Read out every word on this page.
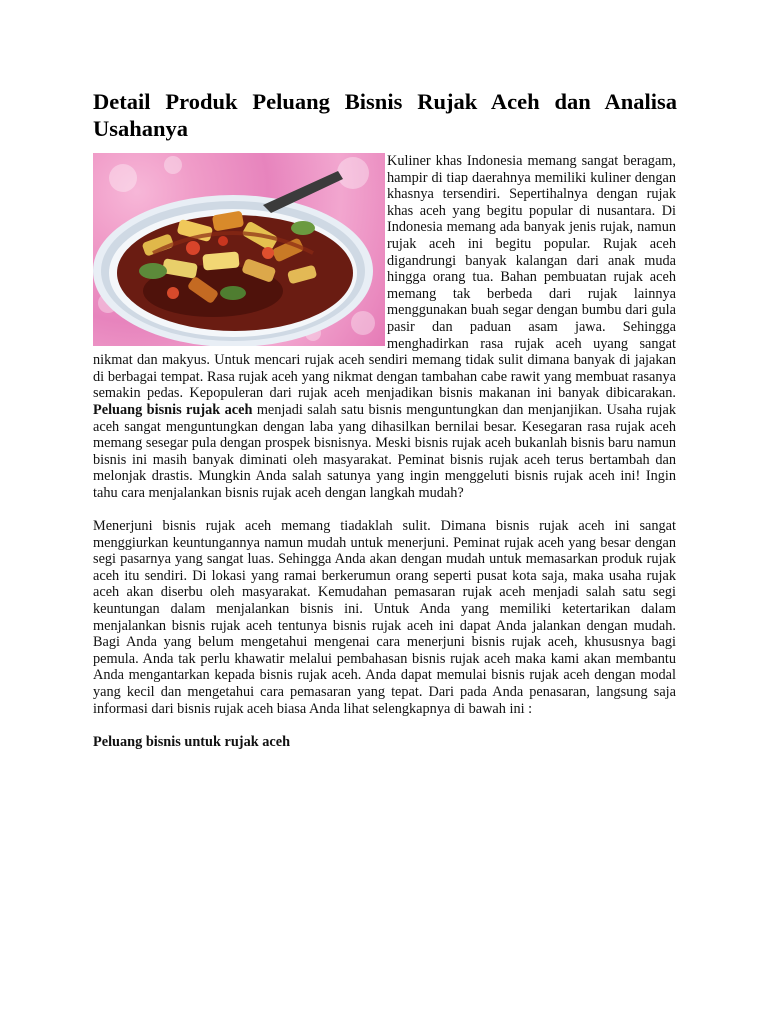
Detail Produk Peluang Bisnis Rujak Aceh dan Analisa Usahanya

Kuliner khas Indonesia memang sangat beragam, hampir di tiap daerahnya memiliki kuliner dengan khasnya tersendiri. Sepertihalnya dengan rujak khas aceh yang begitu popular di nusantara. Di Indonesia memang ada banyak jenis rujak, namun rujak aceh ini begitu popular. Rujak aceh digandrungi banyak kalangan dari anak muda hingga orang tua. Bahan pembuatan rujak aceh memang tak berbeda dari rujak lainnya menggunakan buah segar dengan bumbu dari gula pasir dan paduan asam jawa. Sehingga menghadirkan rasa rujak aceh uyang sangat nikmat dan makyus. Untuk mencari rujak aceh sendiri memang tidak sulit dimana banyak di jajakan di berbagai tempat. Rasa rujak aceh yang nikmat dengan tambahan cabe rawit yang membuat rasanya semakin pedas. Kepopuleran dari rujak aceh menjadikan bisnis makanan ini banyak dibicarakan. Peluang bisnis rujak aceh menjadi salah satu bisnis menguntungkan dan menjanjikan. Usaha rujak aceh sangat menguntungkan dengan laba yang dihasilkan bernilai besar. Kesegaran rasa rujak aceh memang sesegar pula dengan prospek bisnisnya. Meski bisnis rujak aceh bukanlah bisnis baru namun bisnis ini masih banyak diminati oleh masyarakat. Peminat bisnis rujak aceh terus bertambah dan melonjak drastis. Mungkin Anda salah satunya yang ingin menggeluti bisnis rujak aceh ini! Ingin tahu cara menjalankan bisnis rujak aceh dengan langkah mudah?

Menerjuni bisnis rujak aceh memang tiadaklah sulit. Dimana bisnis rujak aceh ini sangat menggiurkan keuntungannya namun mudah untuk menerjuni. Peminat rujak aceh yang besar dengan segi pasarnya yang sangat luas. Sehingga Anda akan dengan mudah untuk memasarkan produk rujak aceh itu sendiri. Di lokasi yang ramai berkerumun orang seperti pusat kota saja, maka usaha rujak aceh akan diserbu oleh masyarakat. Kemudahan pemasaran rujak aceh menjadi salah satu segi keuntungan dalam menjalankan bisnis ini. Untuk Anda yang memiliki ketertarikan dalam menjalankan bisnis rujak aceh tentunya bisnis rujak aceh ini dapat Anda jalankan dengan mudah. Bagi Anda yang belum mengetahui mengenai cara menerjuni bisnis rujak aceh, khususnya bagi pemula. Anda tak perlu khawatir melalui pembahasan bisnis rujak aceh maka kami akan membantu Anda mengantarkan kepada bisnis rujak aceh. Anda dapat memulai bisnis rujak aceh dengan modal yang kecil dan mengetahui cara pemasaran yang tepat. Dari pada Anda penasaran, langsung saja informasi dari bisnis rujak aceh biasa Anda lihat selengkapnya di bawah ini :

Peluang bisnis untuk rujak aceh
